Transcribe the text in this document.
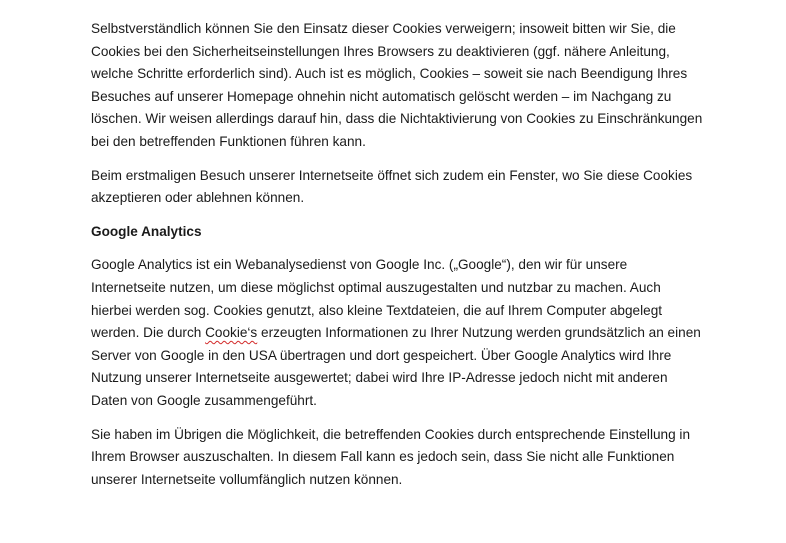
Selbstverständlich können Sie den Einsatz dieser Cookies verweigern; insoweit bitten wir Sie, die Cookies bei den Sicherheitseinstellungen Ihres Browsers zu deaktivieren (ggf. nähere Anleitung, welche Schritte erforderlich sind). Auch ist es möglich, Cookies – soweit sie nach Beendigung Ihres Besuches auf unserer Homepage ohnehin nicht automatisch gelöscht werden – im Nachgang zu löschen. Wir weisen allerdings darauf hin, dass die Nichtaktivierung von Cookies zu Einschränkungen bei den betreffenden Funktionen führen kann.

Beim erstmaligen Besuch unserer Internetseite öffnet sich zudem ein Fenster, wo Sie diese Cookies akzeptieren oder ablehnen können.

Google Analytics

Google Analytics ist ein Webanalysedienst von Google Inc. („Google“), den wir für unsere Internetseite nutzen, um diese möglichst optimal auszugestalten und nutzbar zu machen. Auch hierbei werden sog. Cookies genutzt, also kleine Textdateien, die auf Ihrem Computer abgelegt werden. Die durch Cookie‘s erzeugten Informationen zu Ihrer Nutzung werden grundsätzlich an einen Server von Google in den USA übertragen und dort gespeichert. Über Google Analytics wird Ihre Nutzung unserer Internetseite ausgewertet; dabei wird Ihre IP-Adresse jedoch nicht mit anderen Daten von Google zusammengeführt.

Sie haben im Übrigen die Möglichkeit, die betreffenden Cookies durch entsprechende Einstellung in Ihrem Browser auszuschalten. In diesem Fall kann es jedoch sein, dass Sie nicht alle Funktionen unserer Internetseite vollumfänglich nutzen können.
